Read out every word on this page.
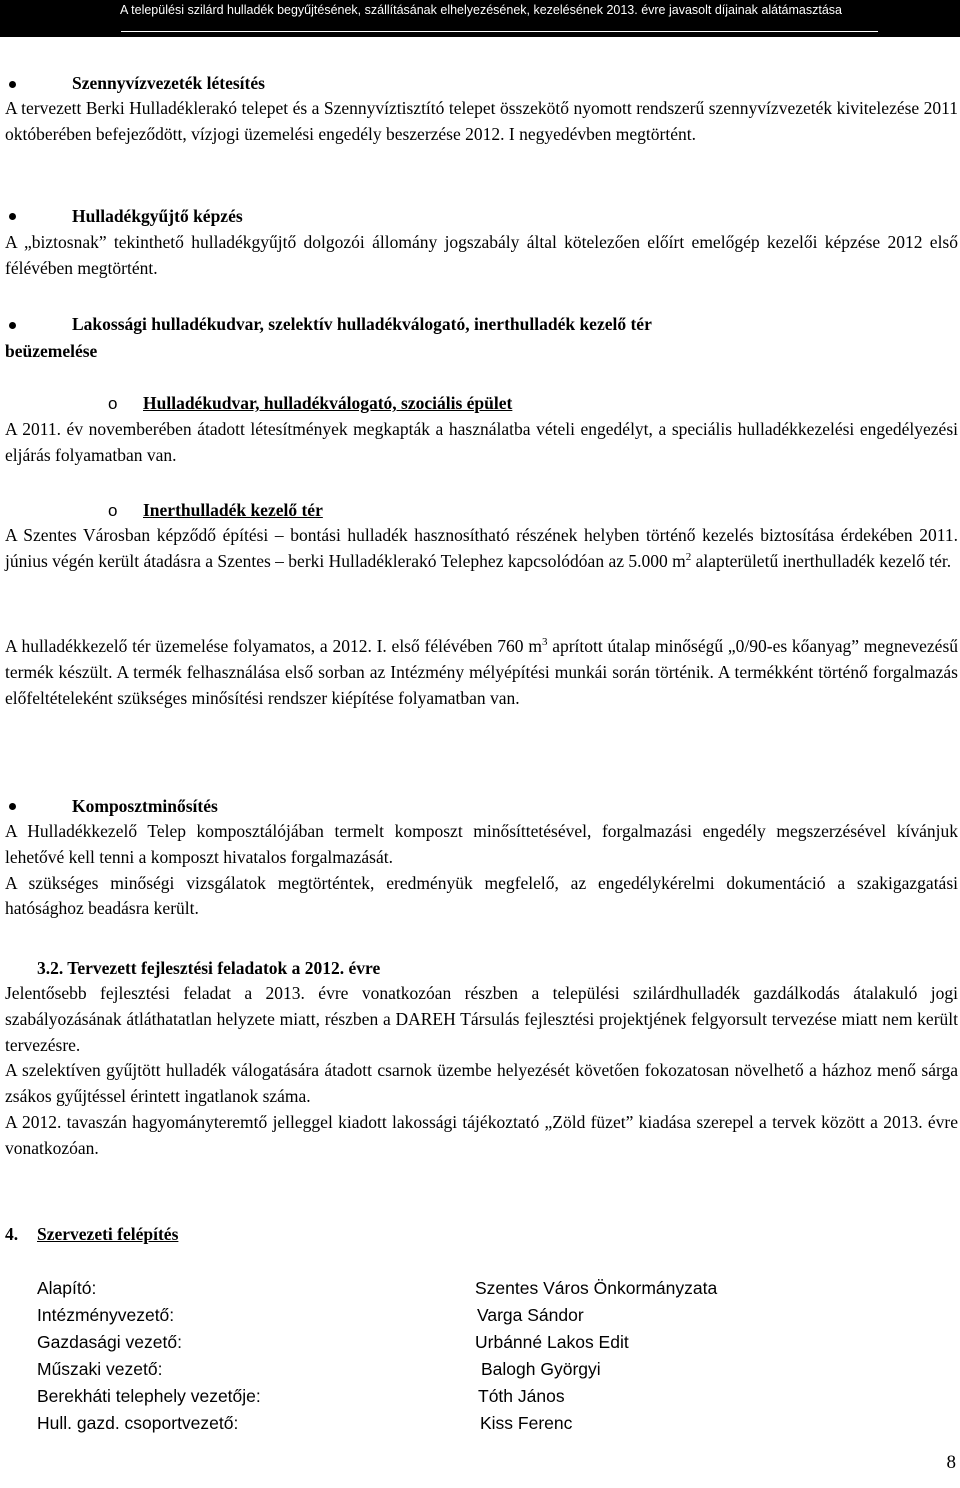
A települési szilárd hulladék begyűjtésének, szállításának elhelyezésének, kezelésének 2013. évre javasolt díjainak alátámasztása
Szennyvízvezeték létesítés

A tervezett Berki Hulladéklerakó telepet és a Szennyvíztisztító telepet összekötő nyomott rendszerű szennyvízvezeték kivitelezése 2011 októberében befejeződött, vízjogi üzemelési engedély beszerzése 2012. I negyedévben megtörtént.

Hulladékgyűjtő képzés

A „biztosnak” tekinthető hulladékgyűjtő dolgozói állomány jogszabály által kötelezően előírt emelőgép kezelői képzése 2012 első félévében megtörtént.

Lakossági hulladékudvar, szelektív hulladékválogató, inerthulladék kezelő tér
beüzemelése
o Hulladékudvar, hulladékválogató, szociális épület

A 2011. év novemberében átadott létesítmények megkapták a használatba vételi engedélyt, a speciális hulladékkezelési engedélyezési eljárás folyamatban van.

o Inerthulladék kezelő tér

A Szentes Városban képződő építési – bontási hulladék hasznosítható részének helyben történő kezelés biztosítása érdekében 2011. június végén került átadásra a Szentes – berki Hulladéklerakó Telephez kapcsolódóan az 5.000 $m^2$ alapterületű inerthulladék kezelő tér.

A hulladékkezelő tér üzemelése folyamatos, a 2012. I. első félévében 760 $m^3$ aprított útalap minőségű „0/90-es kőanyag” megnevezésű termék készült. A termék felhasználása első sorban az Intézmény mélyépítési munkái során történik. A termékként történő forgalmazás előfeltételeként szükséges minősítési rendszer kiépítése folyamatban van.

Komposztminősítés

A Hulladékkezelő Telep komposztálójában termelt komposzt minősíttetésével, forgalmazási engedély megszerzésével kívánjuk lehetővé kell tenni a komposzt hivatalos forgalmazását.

A szükséges minőségi vizsgálatok megtörténtek, eredményük megfelelő, az engedélykérelmi dokumentáció a szakigazgatási hatósághoz beadásra került.

3.2. Tervezett fejlesztési feladatok a 2012. évre

Jelentősebb fejlesztési feladat a 2013. évre vonatkozóan részben a települési szilárdhulladék gazdálkodás átalakuló jogi szabályozásának átláthatatlan helyzete miatt, részben a DAREH Társulás fejlesztési projektjének felgyorsult tervezése miatt nem került tervezésre.

A szelektíven gyűjtött hulladék válogatására átadott csarnok üzembe helyezését követően fokozatosan növelhető a házhoz menő sárga zsákos gyűjtéssel érintett ingatlanok száma.

A 2012. tavaszán hagyományteremtő jelleggel kiadott lakossági tájékoztató „Zöld füzet” kiadása szerepel a tervek között a 2013. évre vonatkozóan.

4. Szervezeti felépítés
Alapító:	Szentes Város Önkormányzata
Intézményvezető:	Varga Sándor
Gazdasági vezető:	Urbánné Lakos Edit
Műszaki vezető:	Balogh Györgyi
Berekháti telephely vezetője:	Tóth János
Hull. gazd. csoportvezető:	Kiss Ferenc
8
